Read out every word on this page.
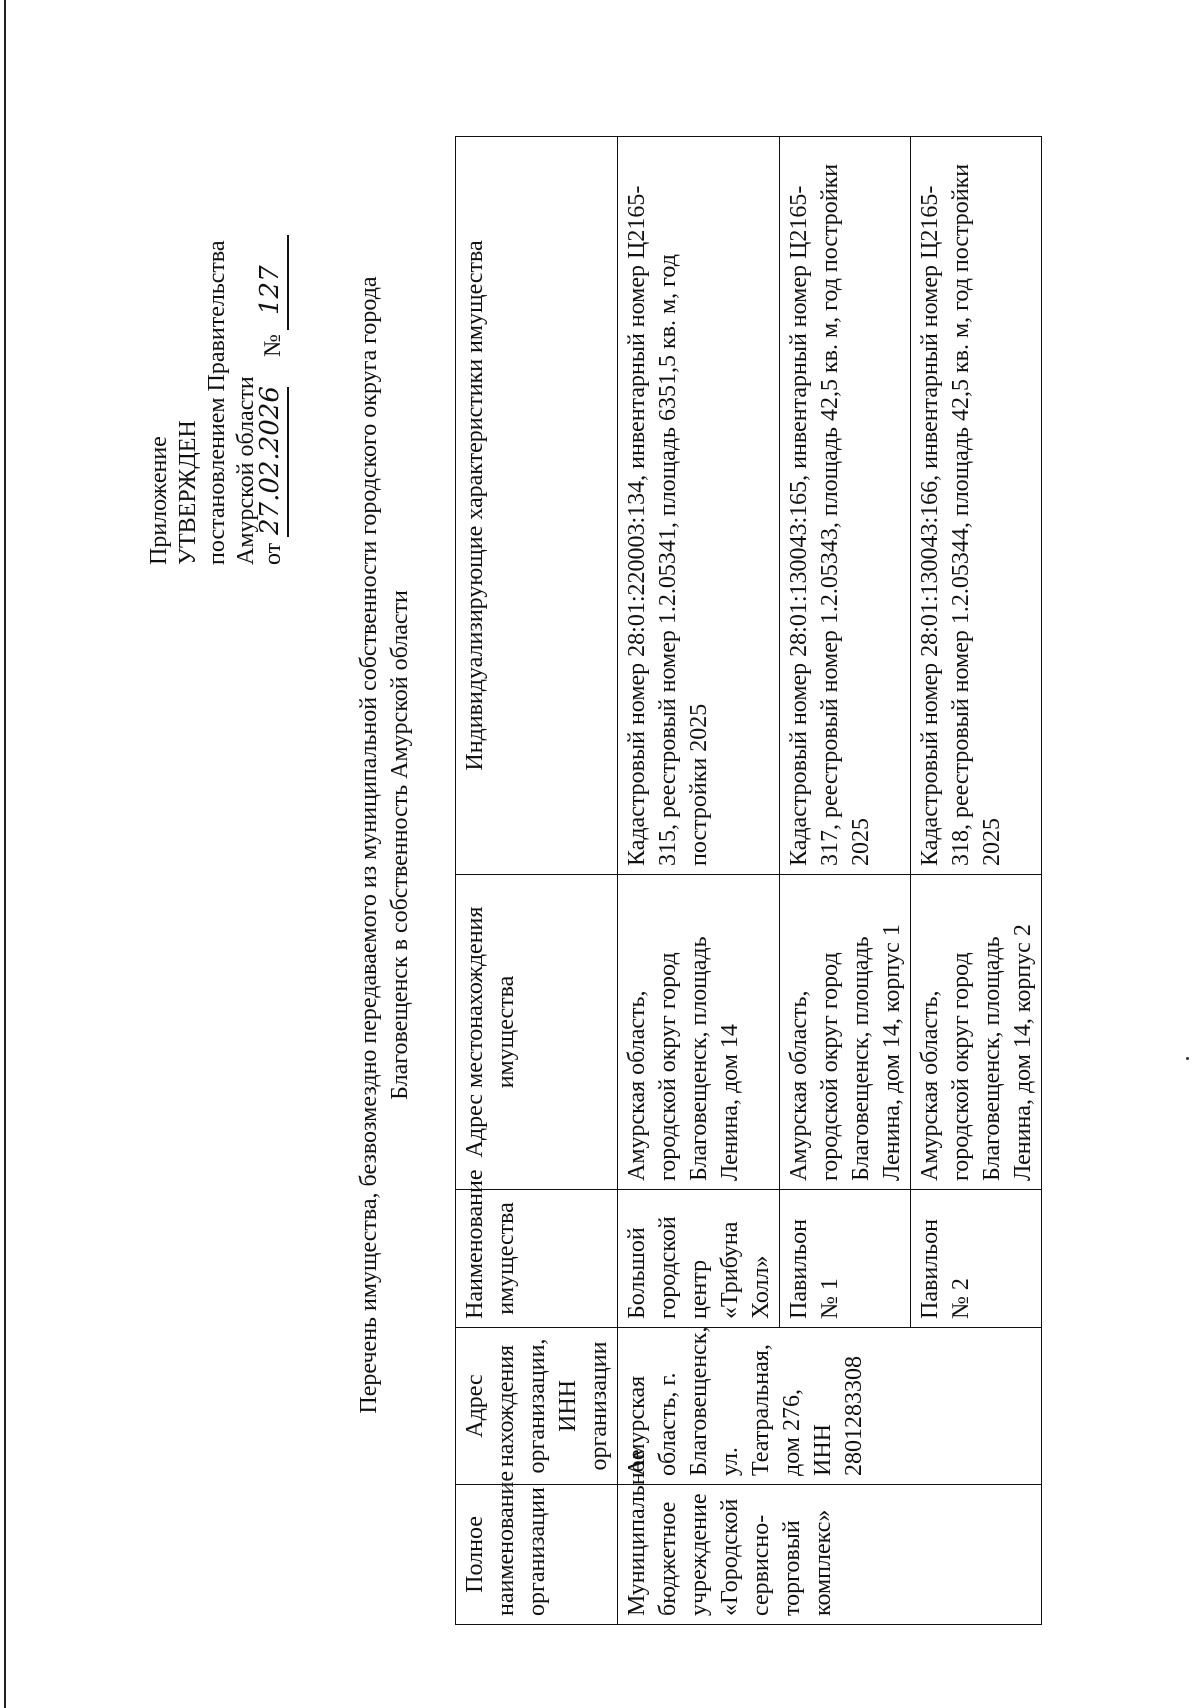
Приложение УТВЕРЖДЕН постановлением Правительства Амурской области от
27.02.2026
№
127	Перечень имущества, безвозмездно передаваемого из муниципальной собственности городского округа города Благовещенск в собственность Амурской области
Полное наименование организации	Адрес нахождения организации, ИНН организации	Наименование имущества	Адрес местонахождения имущества	Индивидуализирующие характеристики имущества
Муниципальное бюджетное учреждение «Городской сервисно-торговый комплекс»	Амурская область, г. Благовещенск, ул. Театральная, дом 276, ИНН 2801283308	Большой городской центр «Трибуна Холл»	Амурская область, городской округ город Благовещенск, площадь Ленина, дом 14	Кадастровый номер 28:01:220003:134, инвентарный номер Ц2165-315, реестровый номер 1.2.05341, площадь 6351,5 кв. м, год постройки 2025
		Павильон № 1	Амурская область, городской округ город Благовещенск, площадь Ленина, дом 14, корпус 1	Кадастровый номер 28:01:130043:165, инвентарный номер Ц2165-317, реестровый номер 1.2.05343, площадь 42,5 кв. м, год постройки 2025
		Павильон № 2	Амурская область, городской округ город Благовещенск, площадь Ленина, дом 14, корпус 2	Кадастровый номер 28:01:130043:166, инвентарный номер Ц2165-318, реестровый номер 1.2.05344, площадь 42,5 кв. м, год постройки 2025
